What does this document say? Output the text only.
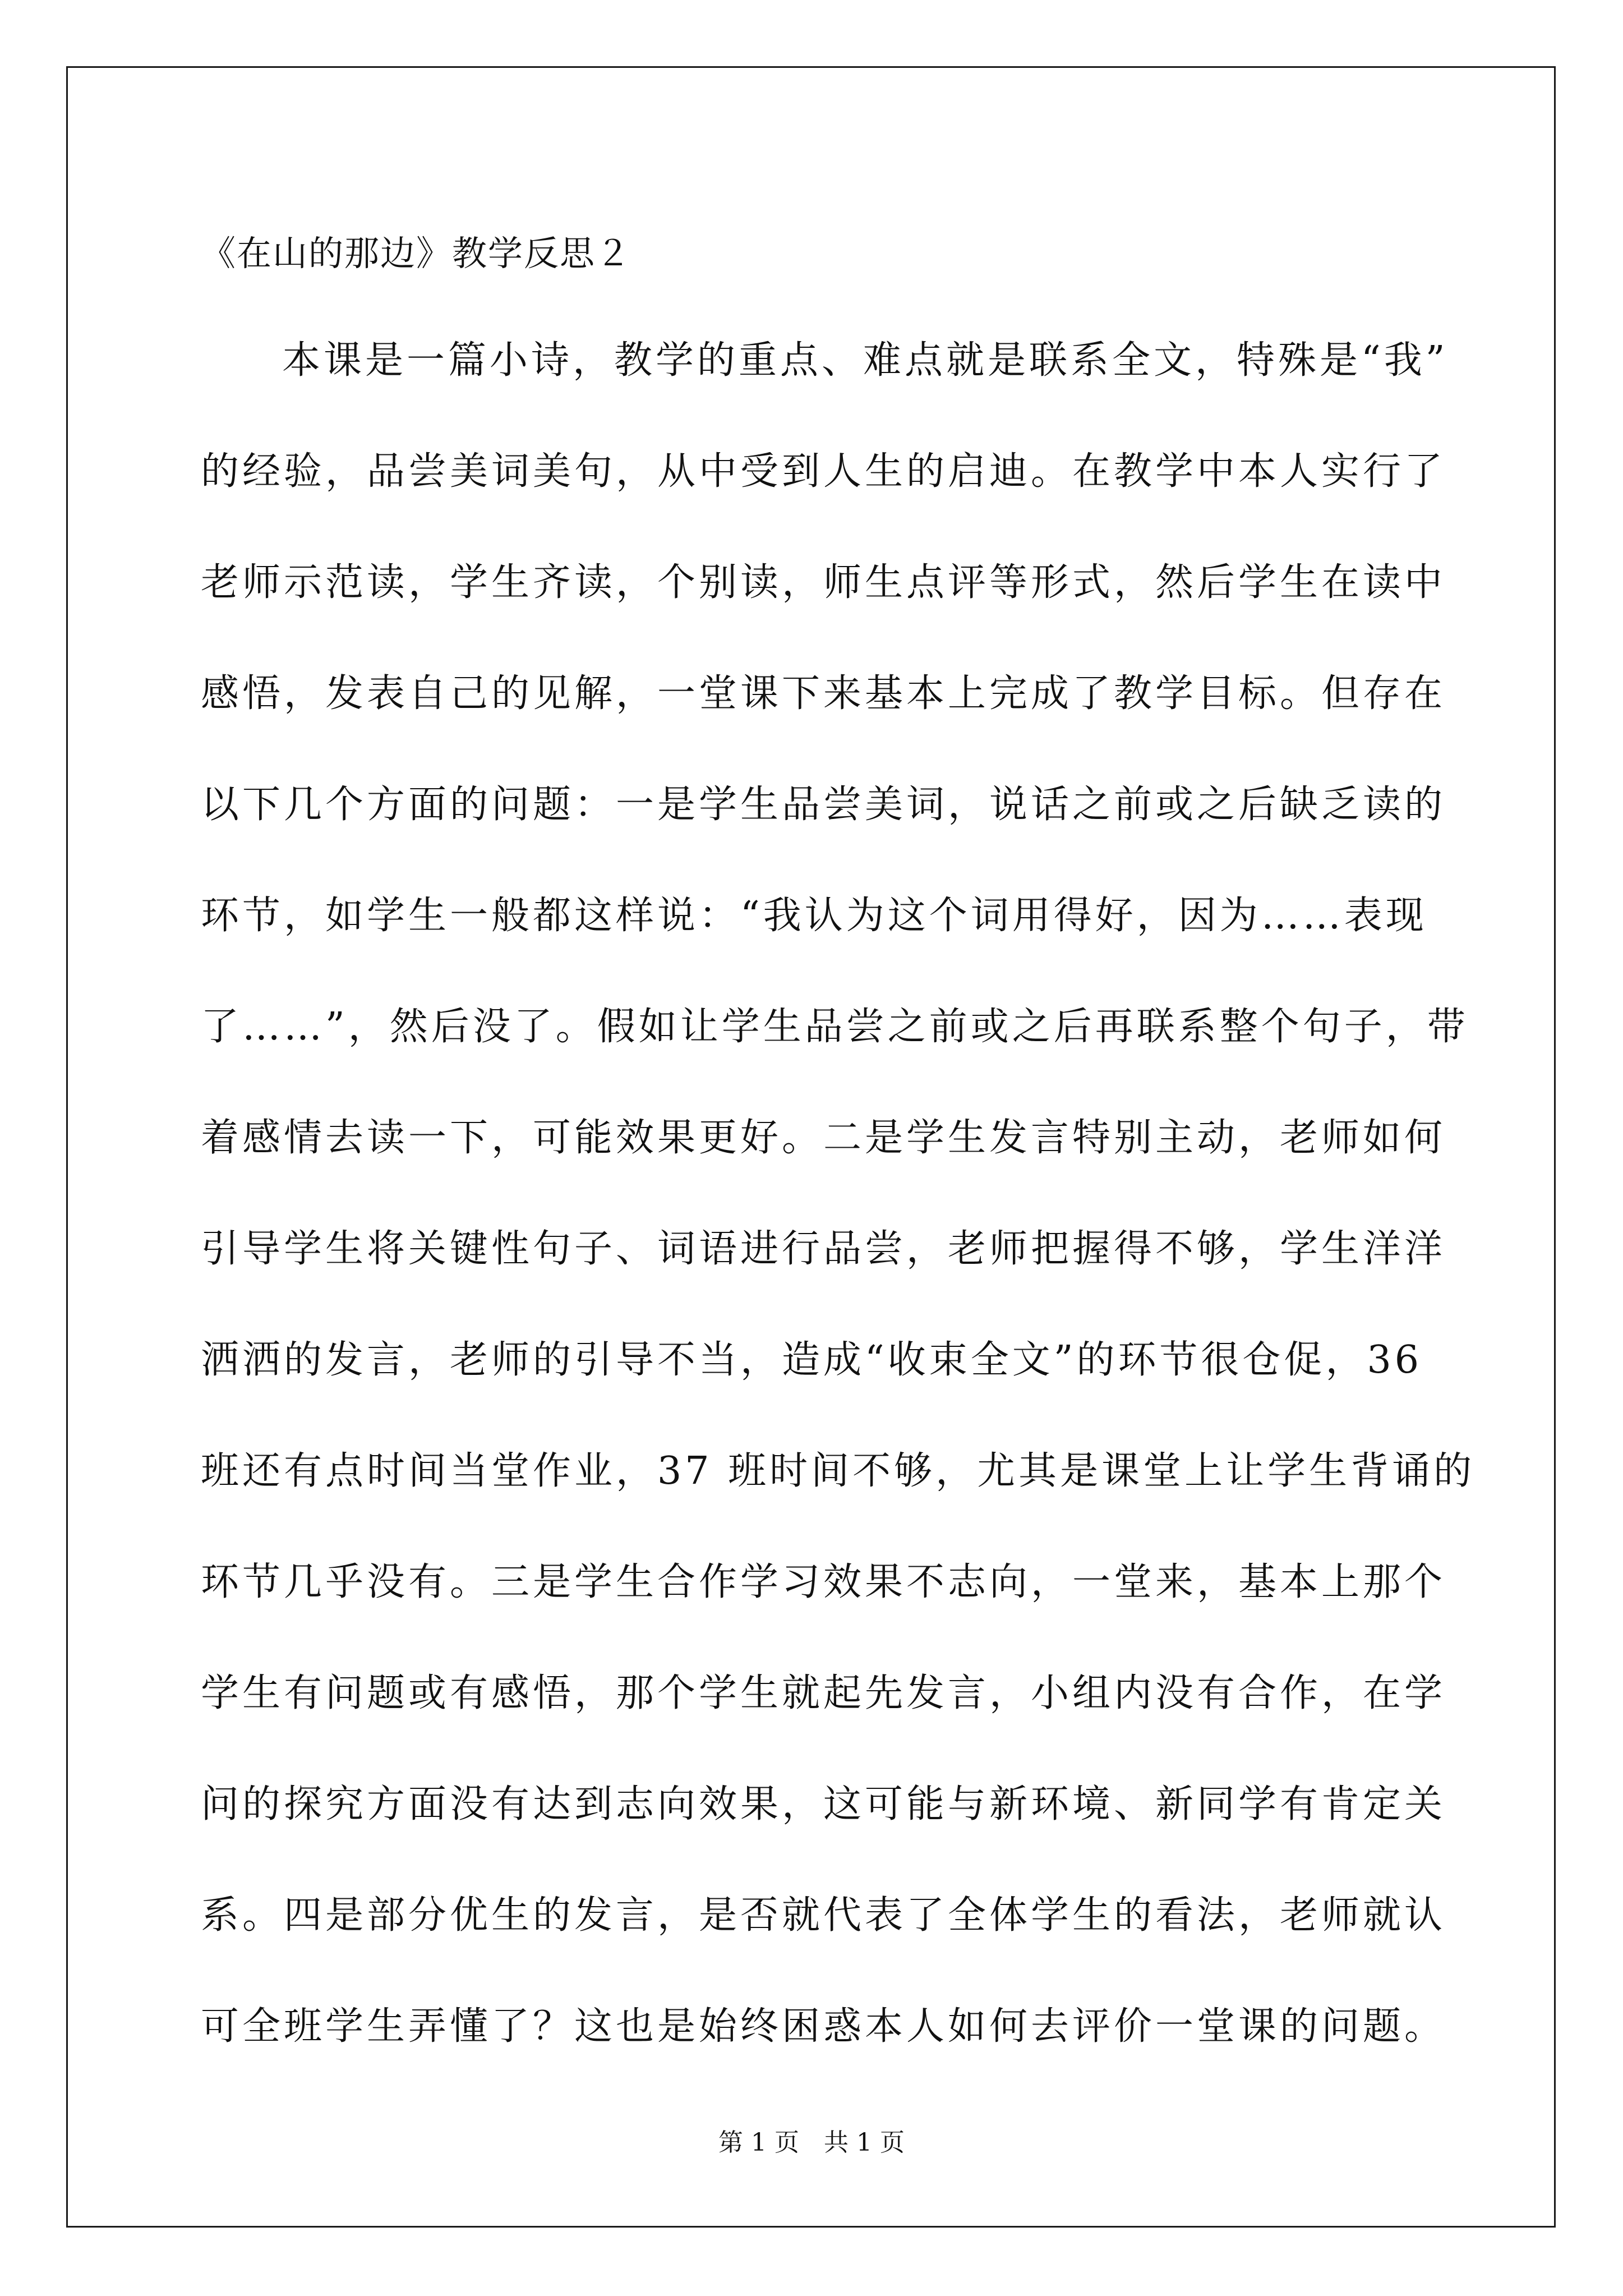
《在山的那边》教学反思２
本课是一篇小诗，教学的重点、难点就是联系全文，特殊是“我”
的经验，品尝美词美句，从中受到人生的启迪。在教学中本人实行了
老师示范读，学生齐读，个别读，师生点评等形式，然后学生在读中
感悟，发表自己的见解，一堂课下来基本上完成了教学目标。但存在
以下几个方面的问题：一是学生品尝美词，说话之前或之后缺乏读的
环节，如学生一般都这样说：“我认为这个词用得好，因为……表现
了……”，然后没了。假如让学生品尝之前或之后再联系整个句子，带
着感情去读一下，可能效果更好。二是学生发言特别主动，老师如何
引导学生将关键性句子、词语进行品尝，老师把握得不够，学生洋洋
洒洒的发言，老师的引导不当，造成“收束全文”的环节很仓促，36
班还有点时间当堂作业，37 班时间不够，尤其是课堂上让学生背诵的
环节几乎没有。三是学生合作学习效果不志向，一堂来，基本上那个
学生有问题或有感悟，那个学生就起先发言，小组内没有合作，在学
问的探究方面没有达到志向效果，这可能与新环境、新同学有肯定关
系。四是部分优生的发言，是否就代表了全体学生的看法，老师就认
可全班学生弄懂了？这也是始终困惑本人如何去评价一堂课的问题。
第 1 页 共 1 页
